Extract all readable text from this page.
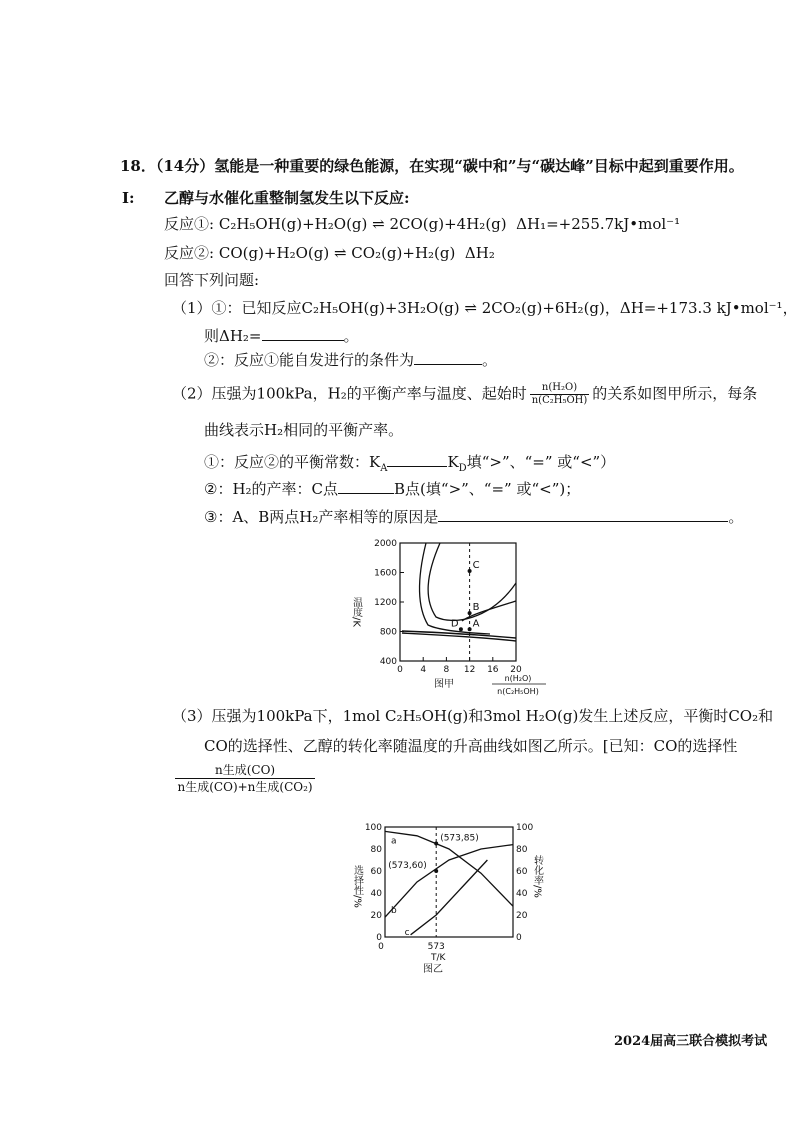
18．（14分）氢能是一种重要的绿色能源，在实现“碳中和”与“碳达峰”目标中起到重要作用。
Ⅰ: 乙醇与水催化重整制氢发生以下反应:
反应①: C₂H₅OH(g)+H₂O(g) ⇌ 2CO(g)+4H₂(g) ΔH₁=+255.7kJ•mol⁻¹
反应②: CO(g)+H₂O(g) ⇌ CO₂(g)+H₂(g) ΔH₂
回答下列问题:
（1）①：已知反应C₂H₅OH(g)+3H₂O(g) ⇌ 2CO₂(g)+6H₂(g)，ΔH=+173.3 kJ•mol⁻¹，
则ΔH₂=	。
②：反应①能自发进行的条件为	。
（2）压强为100kPa，H₂的平衡产率与温度、起始时 $\frac{\text{n(H₂O)}}{\text{n(C₂H₅OH)}}$ 的关系如图甲所示，每条
曲线表示H₂相同的平衡产率。
①：反应②的平衡常数：$K_A$	$K_D$填“>”、“=” 或“<”）
②：H₂的产率：C点	B点(填“>”、“=” 或“<”)；
③：A、B两点H₂产率相等的原因是	。
400
800
1200
1600
2000
0 4 8 12 16 20
C
B
A
D
温度/K
图甲
n(H₂O)
n(C₂H₅OH)
（3）压强为100kPa下，1mol C₂H₅OH(g)和3mol H₂O(g)发生上述反应，平衡时CO₂和
CO的选择性、乙醇的转化率随温度的升高曲线如图乙所示。[已知：CO的选择性
$\frac{\text{n生成(CO)}}{\text{n生成(CO)+n生成(CO₂)}}$
0	0
20	20
40	40
60	60
80	80
100	100
a
b
c
(573,85)
(573,60)
选择性/%	转化率/%
573
0
T/K
图乙
2024届高三联合模拟考试
